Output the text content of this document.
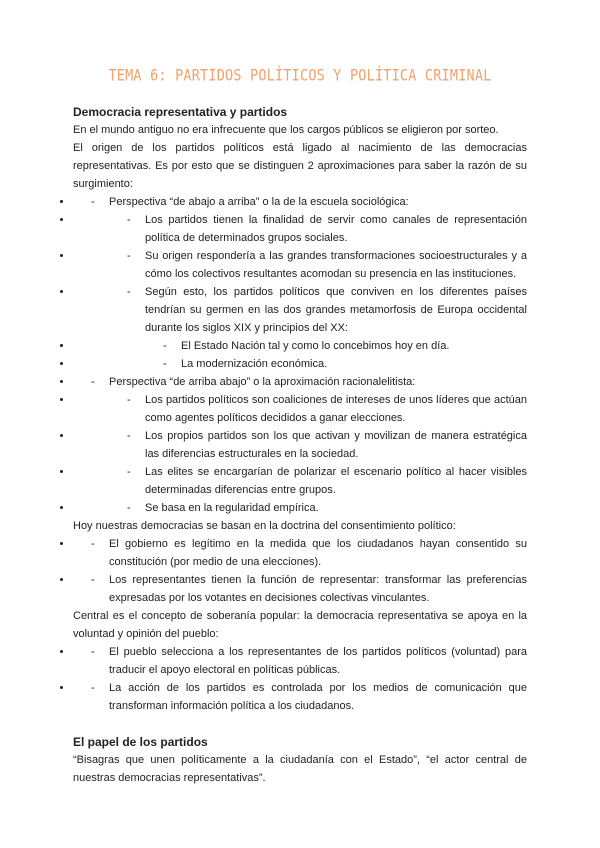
TEMA 6: PARTIDOS POLÍTICOS Y POLÍTICA CRIMINAL
Democracia representativa y partidos

En el mundo antiguo no era infrecuente que los cargos públicos se eligieron por sorteo.

El origen de los partidos políticos está ligado al nacimiento de las democracias representativas. Es por esto que se distinguen 2 aproximaciones para saber la razón de su surgimiento:

• - Perspectiva “de abajo a arriba” o la de la escuela sociológica:
• - Los partidos tienen la finalidad de servir como canales de representación política de determinados grupos sociales.
• - Su origen respondería a las grandes transformaciones socioestructurales y a cómo los colectivos resultantes acomodan su presencia en las instituciones.
• - Según esto, los partidos políticos que conviven en los diferentes países tendrían su germen en las dos grandes metamorfosis de Europa occidental durante los siglos XIX y principios del XX:
• - El Estado Nación tal y como lo concebimos hoy en día.
• - La modernización económica.
• - Perspectiva “de arriba abajo” o la aproximación racionalelitista:
• - Los partidos políticos son coaliciones de intereses de unos líderes que actúan como agentes políticos decididos a ganar elecciones.
• - Los propios partidos son los que activan y movilizan de manera estratégica las diferencias estructurales en la sociedad.
• - Las elites se encargarían de polarizar el escenario político al hacer visibles determinadas diferencias entre grupos.
• - Se basa en la regularidad empírica.

Hoy nuestras democracias se basan en la doctrina del consentimiento político:

• - El gobierno es legítimo en la medida que los ciudadanos hayan consentido su constitución (por medio de una elecciones).
• - Los representantes tienen la función de representar: transformar las preferencias expresadas por los votantes en decisiones colectivas vinculantes.

Central es el concepto de soberanía popular: la democracia representativa se apoya en la voluntad y opinión del pueblo:

• - El pueblo selecciona a los representantes de los partidos políticos (voluntad) para traducir el apoyo electoral en políticas públicas.
• - La acción de los partidos es controlada por los medios de comunicación que transforman información política a los ciudadanos.
El papel de los partidos

“Bisagras que unen políticamente a la ciudadanía con el Estado”, “el actor central de nuestras democracias representativas”.
